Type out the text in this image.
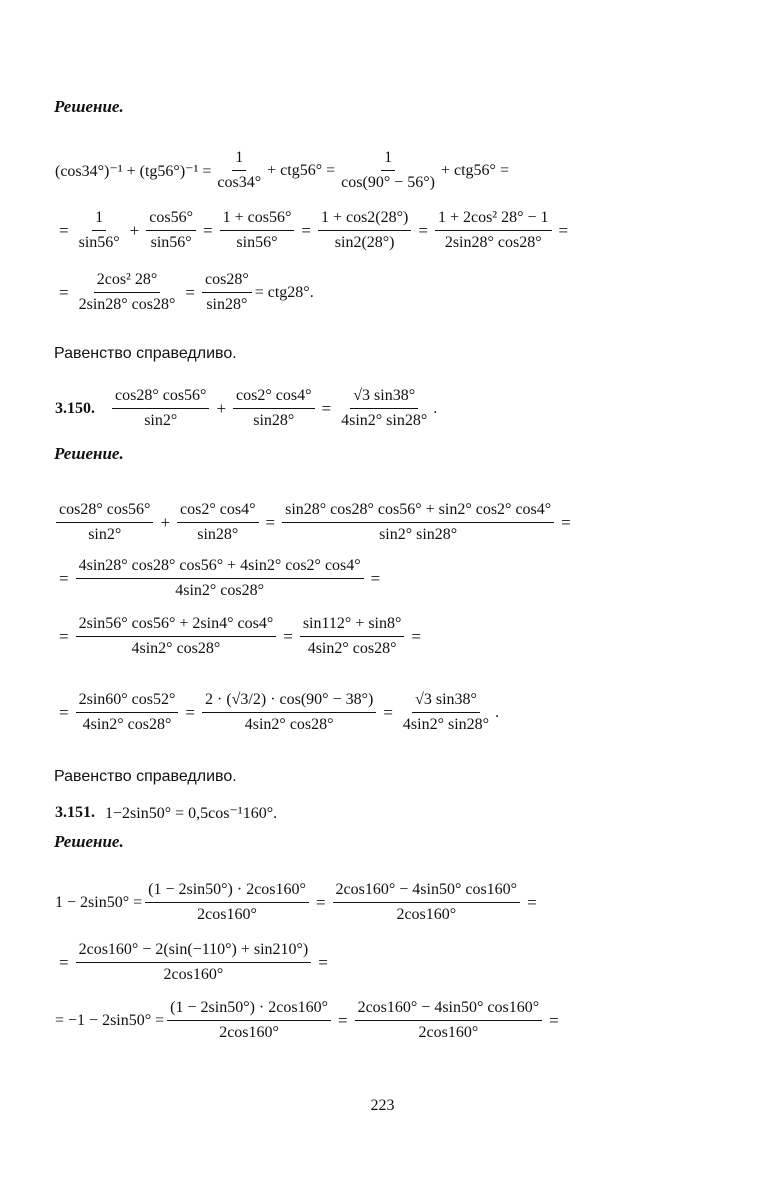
Решение.
$(\cos 34^\circ)^{-1} + (tg56^\circ)^{-1} = \frac{1}{\cos 34^\circ} + ctg56^\circ = \frac{1}{\cos(90^\circ - 56^\circ)} + ctg56^\circ$ =
= $\frac{1}{\sin 56^\circ} + \frac{\cos 56^\circ}{\sin 56^\circ} = \frac{1 + \cos 56^\circ}{\sin 56^\circ} = \frac{1 + \cos 2(28^\circ)}{\sin 2(28^\circ)} = \frac{\text{1 + 2cos² 28° − 1}}{2\sin 28^\circ \cos 28^\circ}$ =
= $\frac{\text{2cos² 28°}}{2\sin 28^\circ \cos 28^\circ} = \frac{\cos 28^\circ}{\sin 28^\circ} = ctg28^\circ$.
Равенство справедливо.
3.150. $\frac{\cos 28^\circ \cos 56^\circ}{\sin 2^\circ} + \frac{\cos 2^\circ \cos 4^\circ}{\sin 28^\circ} = \frac{√3 \sin 38^\circ}{4\sin 2^\circ \sin 28^\circ}$ .
Решение.
$\frac{\cos 28^\circ \cos 56^\circ}{\sin 2^\circ} + \frac{\cos 2^\circ \cos 4^\circ}{\sin 28^\circ} = \frac{\sin 28^\circ \cos 28^\circ \cos 56^\circ + \sin 2^\circ \cos 2^\circ \cos 4^\circ}{\sin 2^\circ \sin 28^\circ}$ =
= $\frac{4\sin 28^\circ \cos 28^\circ \cos 56^\circ + 4\sin 2^\circ \cos 2^\circ \cos 4^\circ}{4\sin 2^\circ \cos 28^\circ}$ =
= $\frac{2\sin 56^\circ \cos 56^\circ + 2\sin 4^\circ \cos 4^\circ}{4\sin 2^\circ \cos 28^\circ} = \frac{\sin 112^\circ + \sin 8^\circ}{4\sin 2^\circ \cos 28^\circ}$ =
= $\frac{2\sin 60^\circ \cos 52^\circ}{4\sin 2^\circ \cos 28^\circ} = \frac{2 \cdot (√3/2) \cdot \cos(90^\circ - 38^\circ)}{4\sin 2^\circ \cos 28^\circ} = \frac{√3 \sin 38^\circ}{4\sin 2^\circ \sin 28^\circ}$ .
Равенство справедливо.
3.151. 1−2sin50° = 0,5cos⁻¹160°.
Решение.
$1 - 2\sin 50^\circ = \frac{(1 - 2\sin 50^\circ) \cdot 2\cos 160^\circ}{2\cos 160^\circ} = \frac{2\cos 160^\circ - 4\sin 50^\circ \cos 160^\circ}{2\cos 160^\circ}$ =
= $\frac{2\cos 160^\circ - 2(\sin(-110^\circ) + \sin 210^\circ)}{2\cos 160^\circ}$ =
= $-1 - 2\sin 50^\circ = \frac{(1 - 2\sin 50^\circ) \cdot 2\cos 160^\circ}{2\cos 160^\circ} = \frac{2\cos 160^\circ - 4\sin 50^\circ \cos 160^\circ}{2\cos 160^\circ}$ =
223
